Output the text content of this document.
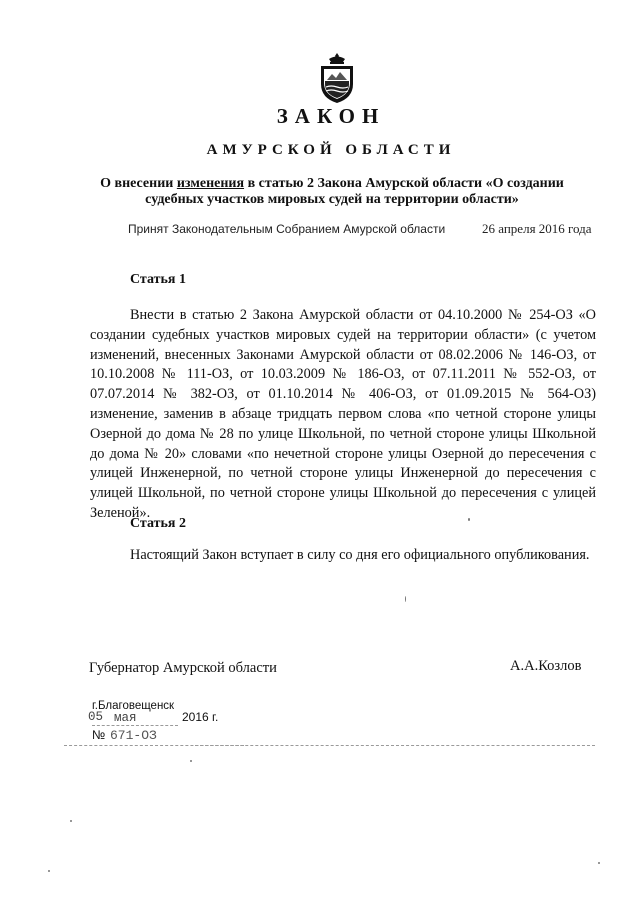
ЗАКОН
АМУРСКОЙ ОБЛАСТИ
О внесении изменения в статью 2 Закона Амурской области «О создании судебных участков мировых судей на территории области»
Принят Законодательным Собранием Амурской области	26 апреля 2016 года
Статья 1

Внести в статью 2 Закона Амурской области от 04.10.2000 № 254-ОЗ «О создании судебных участков мировых судей на территории области» (с учетом изменений, внесенных Законами Амурской области от 08.02.2006 № 146-ОЗ, от 10.10.2008 № 111-ОЗ, от 10.03.2009 № 186-ОЗ, от 07.11.2011 № 552-ОЗ, от 07.07.2014 № 382-ОЗ, от 01.10.2014 № 406-ОЗ, от 01.09.2015 № 564-ОЗ) изменение, заменив в абзаце тридцать первом слова «по четной стороне улицы Озерной до дома № 28 по улице Школьной, по четной стороне улицы Школьной до дома № 20» словами «по нечетной стороне улицы Озерной до пересечения с улицей Инженерной, по четной стороне улицы Инженерной до пересечения с улицей Школьной, по четной стороне улицы Школьной до пересечения с улицей Зеленой».

Статья 2

Настоящий Закон вступает в силу со дня его официального опубликования.

Губернатор Амурской области	А.А.Козлов
г.Благовещенск
05 мая	2016 г.
№ 671-ОЗ
